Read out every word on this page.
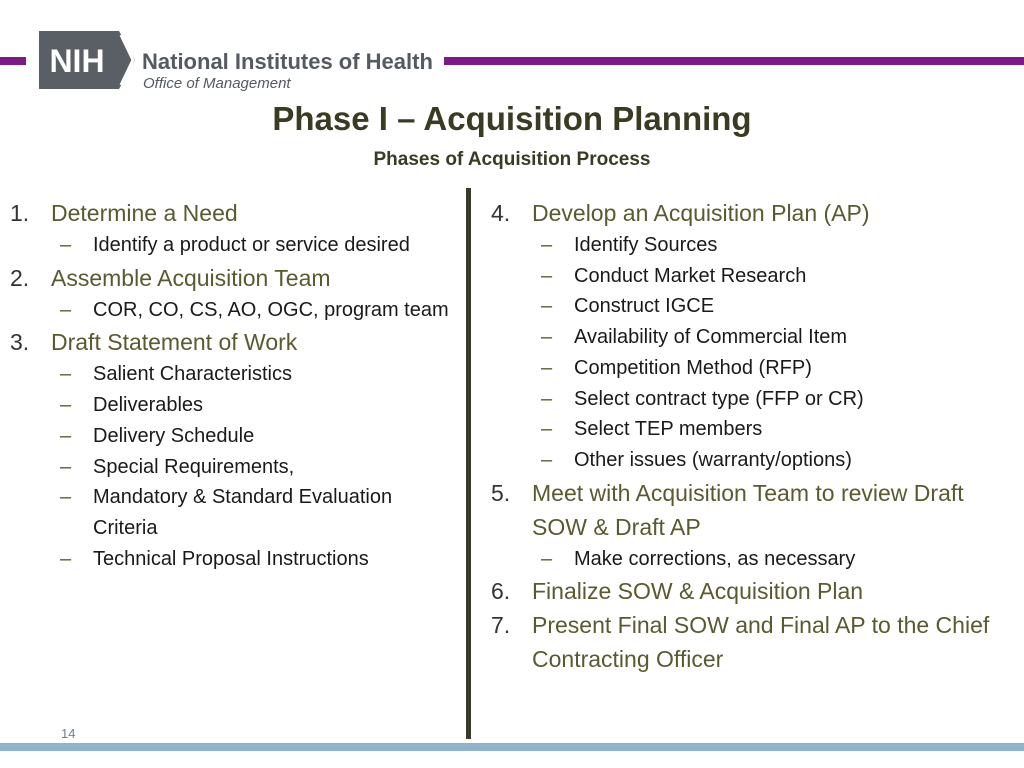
NIH National Institutes of Health
Office of Management
Phase I – Acquisition Planning
Phases of Acquisition Process
1. Determine a Need
–	Identify a product or service desired
2. Assemble Acquisition Team
–	COR, CO, CS, AO, OGC, program team
3. Draft Statement of Work
–	Salient Characteristics
–	Deliverables
–	Delivery Schedule
–	Special Requirements,
–	Mandatory & Standard Evaluation Criteria
–	Technical Proposal Instructions
4. Develop an Acquisition Plan (AP)
–	Identify Sources
–	Conduct Market Research
–	Construct IGCE
–	Availability of Commercial Item
–	Competition Method (RFP)
–	Select contract type (FFP or CR)
–	Select TEP members
–	Other issues (warranty/options)
5. Meet with Acquisition Team to review Draft SOW & Draft AP
–	Make corrections, as necessary
6. Finalize SOW & Acquisition Plan
7. Present Final SOW and Final AP to the Chief Contracting Officer
14
